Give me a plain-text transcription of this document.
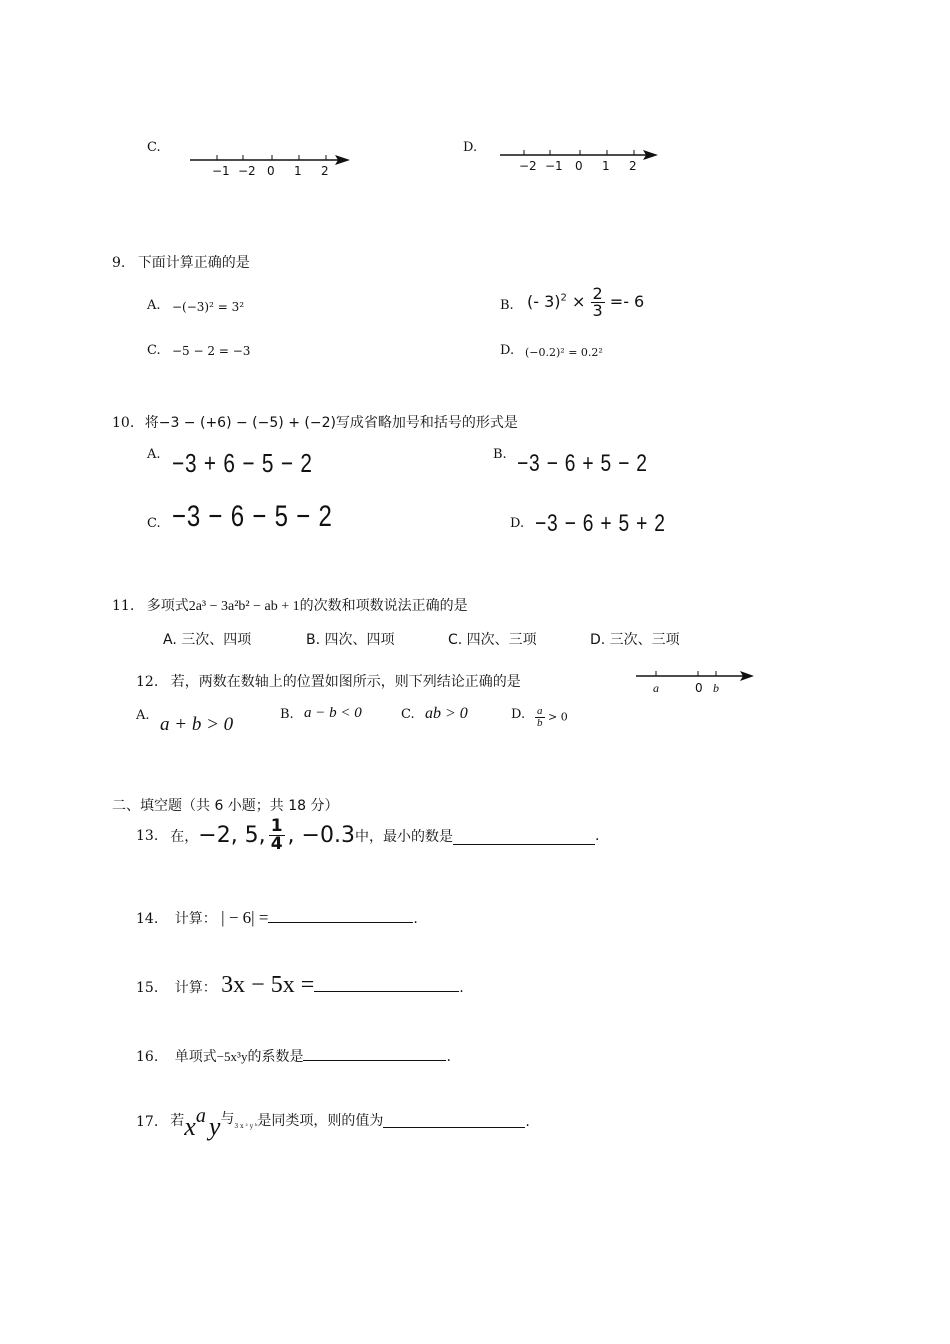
C.
−1 −2 0 1 2
D.
−2 −1 0 1 2
9. 下面计算正确的是
A. −(−3)² = 3²	B. (- $3)^2 \times \frac{2}{3} =- 6$
C. −5 − 2 = −3	D. (−0.2)² = 0.2²
10. 将−3 − (+6) − (−5) + (−2)写成省略加号和括号的形式是
A. −3 + 6 − 5 − 2	B. −3 − 6 + 5 − 2
C. −3 − 6 − 5 − 2	D. −3 − 6 + 5 + 2
11. 多项式2a³ − 3a²b² − ab + 1的次数和项数说法正确的是
A. 三次、四项	B. 四次、四项	C. 四次、三项	D. 三次、三项
12. 若，两数在数轴上的位置如图所示，则下列结论正确的是	a	0 b
A. a + b > 0	B. a − b < 0	C. ab > 0	D. $\frac{a}{b} > 0$
二、填空题（共 6 小题；共 18 分）
13. 在， −2, 5, $\frac{1}{4}$ , −0.3 中，最小的数是	.
14. 计算： | − 6| =	.
15. 计算： 3x − 5x =	.
16. 单项式−5x³y的系数是	.
17. 若 x a y 与 3 x ² y ᵇ 是同类项，则的值为	.
